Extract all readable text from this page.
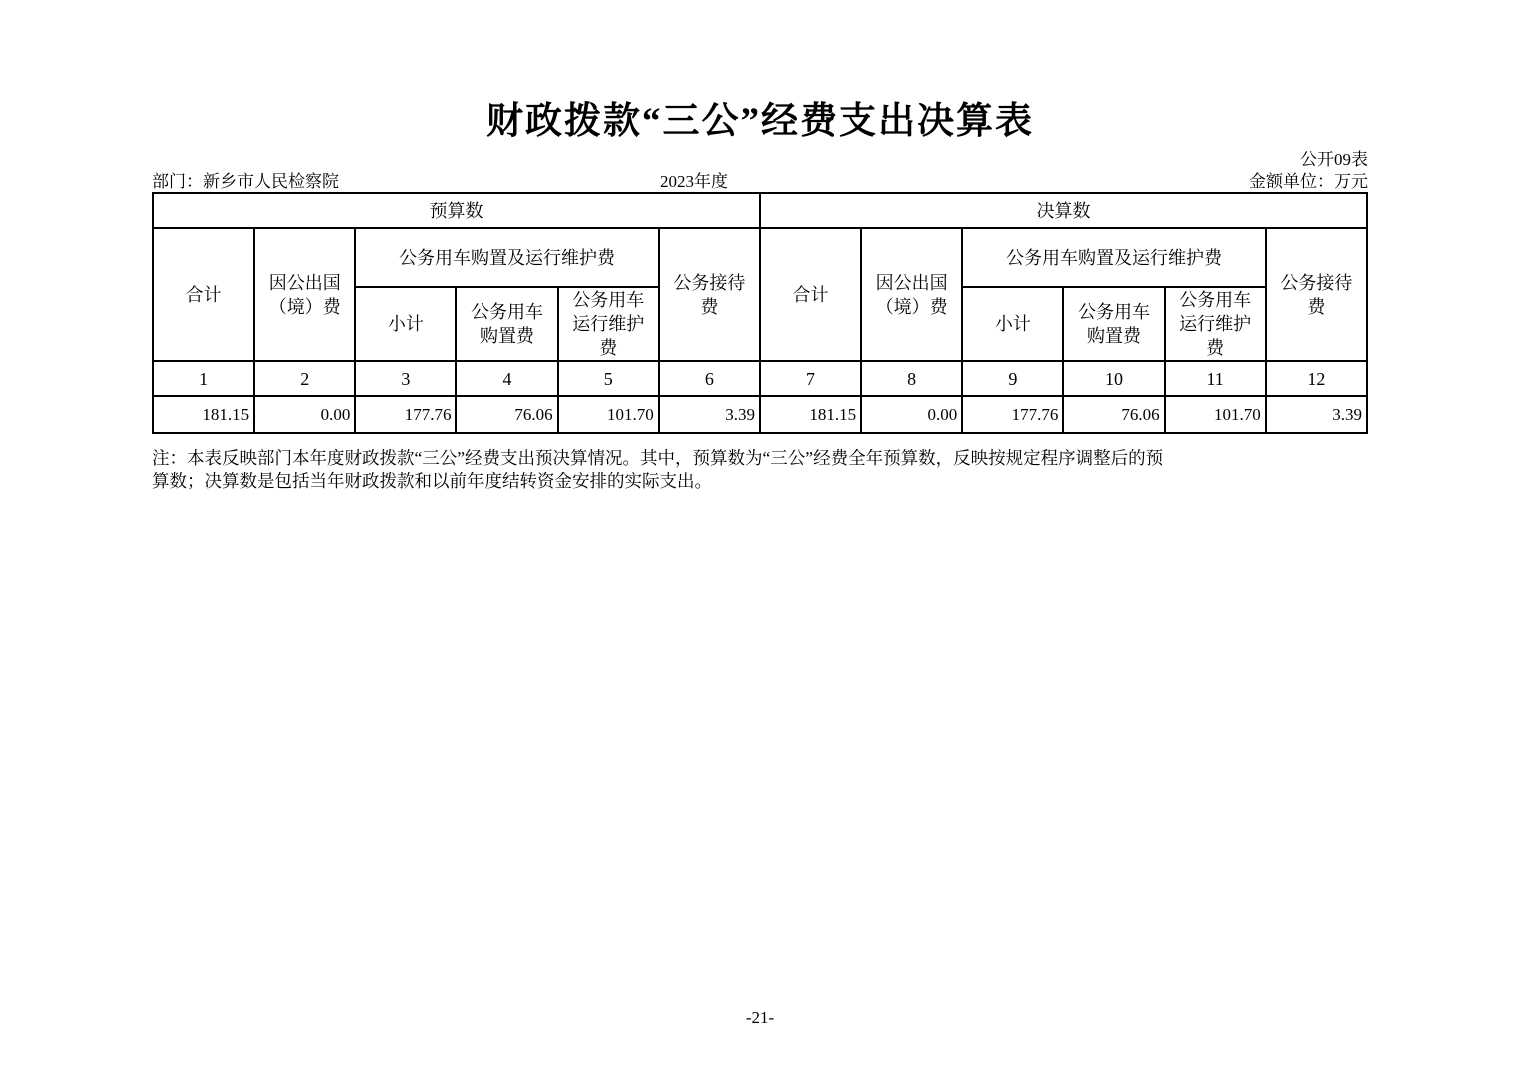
财政拨款“三公”经费支出决算表
公开09表
部门：新乡市人民检察院	2023年度	金额单位：万元
预算数						决算数					
合计	因公出国（境）费	公务用车购置及运行维护费			公务接待费	合计	因公出国（境）费	公务用车购置及运行维护费			公务接待费
		小计	公务用车购置费	公务用车运行维护费				小计	公务用车购置费	公务用车运行维护费	
1	2	3	4	5	6	7	8	9	10	11	12
181.15	0.00	177.76	76.06	101.70	3.39	181.15	0.00	177.76	76.06	101.70	3.39
注：本表反映部门本年度财政拨款“三公”经费支出预决算情况。其中，预算数为“三公”经费全年预算数，反映按规定程序调整后的预
算数；决算数是包括当年财政拨款和以前年度结转资金安排的实际支出。
-21-
